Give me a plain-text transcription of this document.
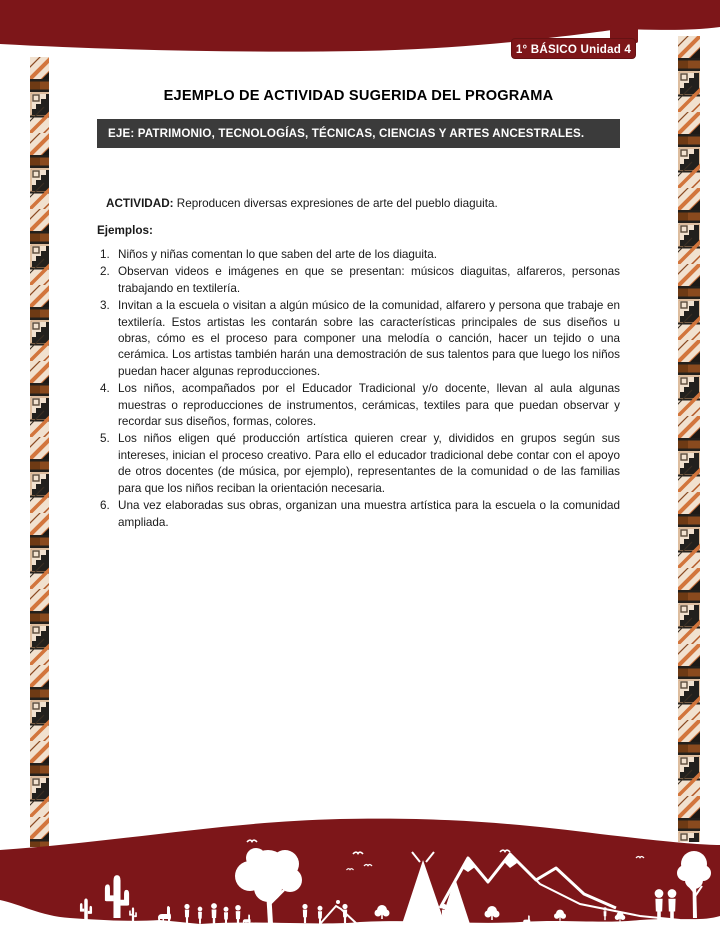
1° BÁSICO Unidad 4
EJEMPLO DE ACTIVIDAD SUGERIDA DEL PROGRAMA
EJE: PATRIMONIO, TECNOLOGÍAS, TÉCNICAS, CIENCIAS Y ARTES ANCESTRALES.

ACTIVIDAD: Reproducen diversas expresiones de arte del pueblo diaguita.

Ejemplos:

1. Niños y niñas comentan lo que saben del arte de los diaguita.
2. Observan videos e imágenes en que se presentan: músicos diaguitas, alfareros, personas trabajando en textilería.
3. Invitan a la escuela o visitan a algún músico de la comunidad, alfarero y persona que trabaje en textilería. Estos artistas les contarán sobre las características principales de sus diseños u obras, cómo es el proceso para componer una melodía o canción, hacer un tejido o una cerámica. Los artistas también harán una demostración de sus talentos para que luego los niños puedan hacer algunas reproducciones.
4. Los niños, acompañados por el Educador Tradicional y/o docente, llevan al aula algunas muestras o reproducciones de instrumentos, cerámicas, textiles para que puedan observar y recordar sus diseños, formas, colores.
5. Los niños eligen qué producción artística quieren crear y, divididos en grupos según sus intereses, inician el proceso creativo. Para ello el educador tradicional debe contar con el apoyo de otros docentes (de música, por ejemplo), representantes de la comunidad o de las familias para que los niños reciban la orientación necesaria.
6. Una vez elaboradas sus obras, organizan una muestra artística para la escuela o la comunidad ampliada.
